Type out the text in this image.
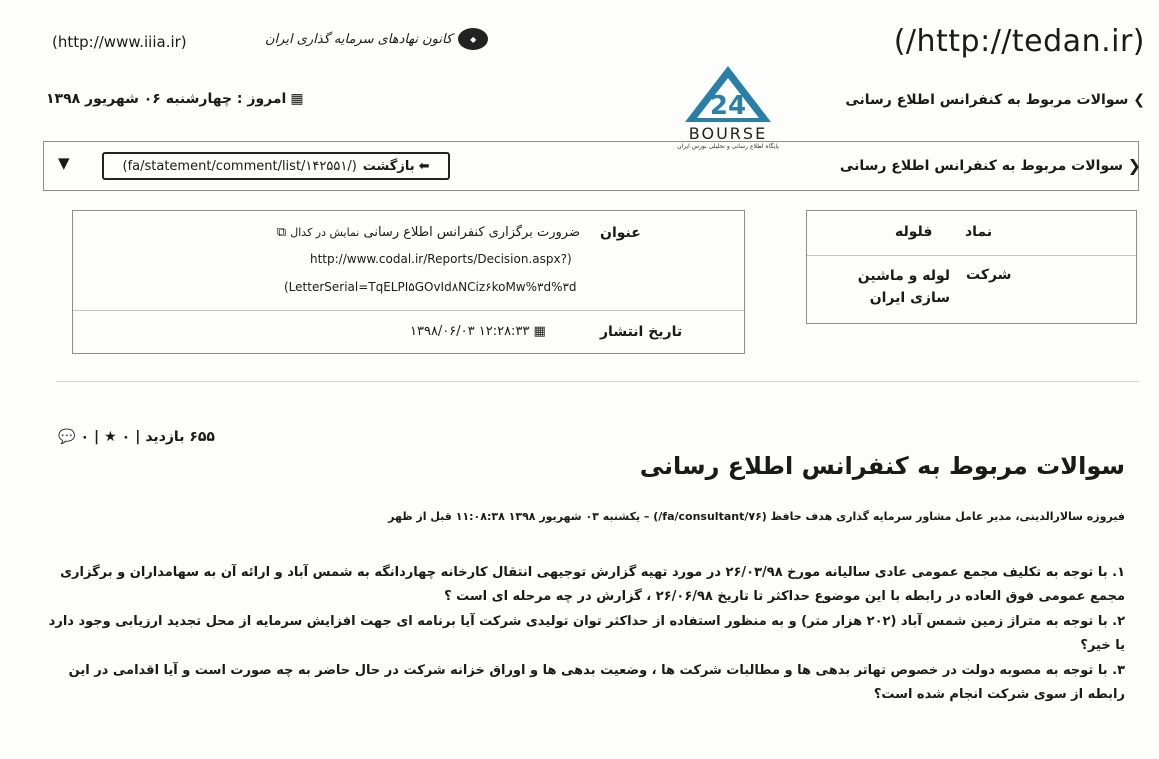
(http://www.iiia.ir)	کانون نهادهای سرمایه گذاری ایران	◆	(/http://tedan.ir)
▦امروز : چهارشنبه ۰۶ شهریور ۱۳۹۸	❯ سوالات مربوط به کنفرانس اطلاع رسانی
24
BOURSE
پایگاه اطلاع رسانی و تحلیلی بورس ایران
سوالات مربوط به کنفرانس اطلاع رسانی ❯
(fa/statement/comment/list/۱۴۲۵۵۱/) بازگشت ⬅
▼
عنوان
ضرورت برگزاری کنفرانس اطلاع رسانی نمایش در کدال ⧉
http://www.codal.ir/Reports/Decision.aspx?)
(LetterSerial=TqELPI۵GOvId۸NCiz۶koMw%۳d%۳d
تاریخ انتشار
۱۳۹۸/۰۶/۰۳ ۱۲:۲۸:۳۳ ▦
نماد
فلوله
شرکت
لوله و ماشین سازی ایران
💬 ۰ | ★ ۰ | ۶۵۵ بازدید
سوالات مربوط به کنفرانس اطلاع رسانی
فیروزه سالارالدینی، مدیر عامل مشاور سرمایه گذاری هدف حافظ (fa/consultant/۷۶/) – یکشنبه ۰۳ شهریور ۱۳۹۸ ۱۱:۰۸:۳۸ قبل از ظهر
۱. با توجه به تکلیف مجمع عمومی عادی سالیانه مورخ ۲۶/۰۳/۹۸ در مورد تهیه گزارش توجیهی انتقال کارخانه چهاردانگه به شمس آباد و ارائه آن به سهامداران و برگزاری مجمع عمومی فوق العاده در رابطه با این موضوع حداکثر تا تاریخ ۲۶/۰۶/۹۸ ، گزارش در چه مرحله ای است ؟
۲. با توجه به متراژ زمین شمس آباد (۲۰۲ هزار متر) و به منظور استفاده از حداکثر توان تولیدی شرکت آیا برنامه ای جهت افزایش سرمایه از محل تجدید ارزیابی وجود دارد یا خیر؟
۳. با توجه به مصوبه دولت در خصوص تهاتر بدهی ها و مطالبات شرکت ها ، وضعیت بدهی ها و اوراق خزانه شرکت در حال حاضر به چه صورت است و آیا اقدامی در این رابطه از سوی شرکت انجام شده است؟
